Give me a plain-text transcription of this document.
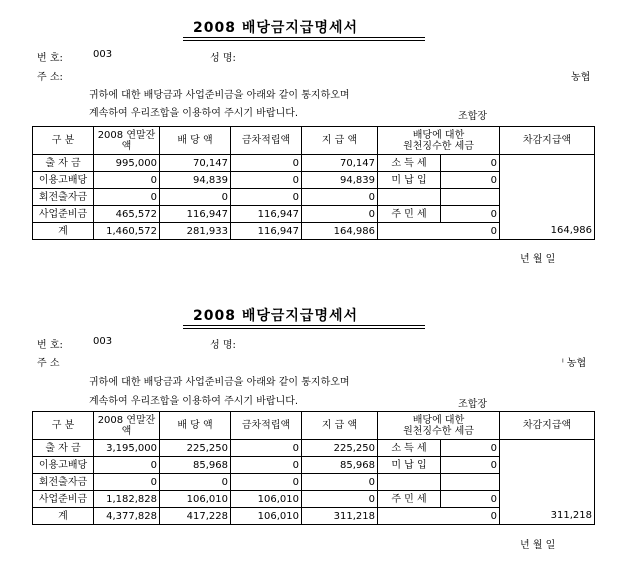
2008 배당금지급명세서
번 호:	003	성 명:
주 소:	농협
귀하에 대한 배당금과 사업준비금을 아래와 같이 통지하오며
계속하여 우리조합을 이용하여 주시기 바랍니다.	조합장
구 분	2008 연말잔액	배 당 액	금차적립액	지 급 액	배당에 대한
원천징수한 세금		차감지급액
출 자 금	995,000	70,147	0	70,147	소 득 세	0	
이용고배당	0	94,839	0	94,839	미 납 입	0	
회전출자금	0	0	0	0			
사업준비금	465,572	116,947	116,947	0	주 민 세	0	
계	1,460,572	281,933	116,947	164,986	0		164,986
년 월 일
2008 배당금지급명세서
번 호:	003	성 명:
주 소	ˡ 농협
귀하에 대한 배당금과 사업준비금을 아래와 같이 통지하오며
계속하여 우리조합을 이용하여 주시기 바랍니다.	조합장
구 분	2008 연말잔액	배 당 액	금차적립액	지 급 액	배당에 대한
원천징수한 세금		차감지급액
출 자 금	3,195,000	225,250	0	225,250	소 득 세	0	
이용고배당	0	85,968	0	85,968	미 납 입	0	
회전출자금	0	0	0	0			
사업준비금	1,182,828	106,010	106,010	0	주 민 세	0	
계	4,377,828	417,228	106,010	311,218	0		311,218
년 월 일
